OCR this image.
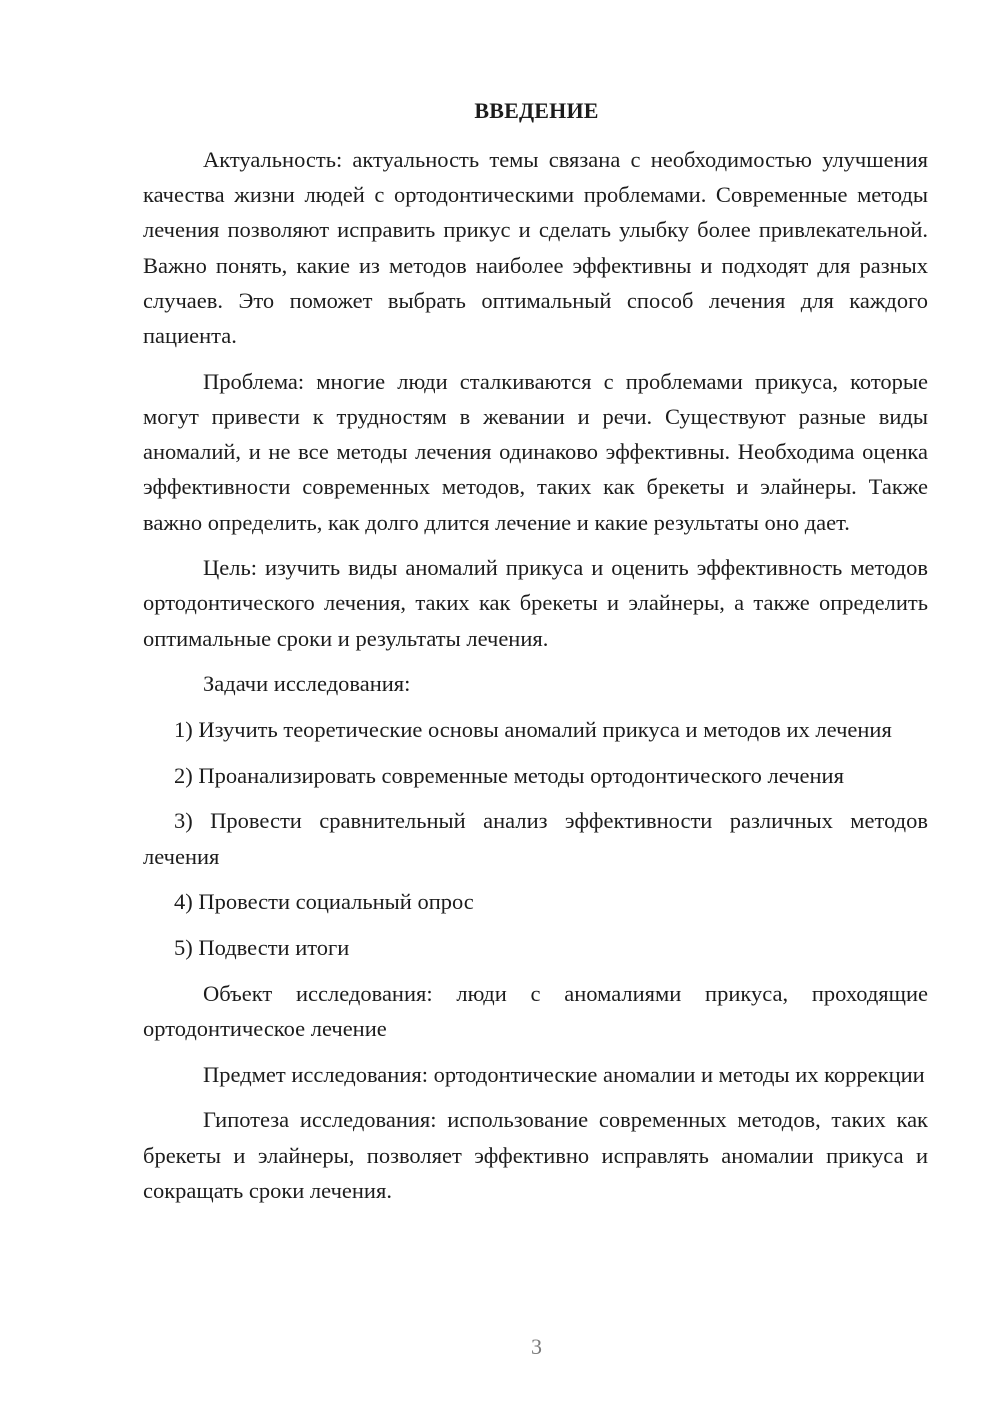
ВВЕДЕНИЕ

Актуальность: актуальность темы связана с необходимостью улучшения качества жизни людей с ортодонтическими проблемами. Современные методы лечения позволяют исправить прикус и сделать улыбку более привлекательной. Важно понять, какие из методов наиболее эффективны и подходят для разных случаев. Это поможет выбрать оптимальный способ лечения для каждого пациента.

Проблема: многие люди сталкиваются с проблемами прикуса, которые могут привести к трудностям в жевании и речи. Существуют разные виды аномалий, и не все методы лечения одинаково эффективны. Необходима оценка эффективности современных методов, таких как брекеты и элайнеры. Также важно определить, как долго длится лечение и какие результаты оно дает.

Цель: изучить виды аномалий прикуса и оценить эффективность методов ортодонтического лечения, таких как брекеты и элайнеры, а также определить оптимальные сроки и результаты лечения.

Задачи исследования:

1) Изучить теоретические основы аномалий прикуса и методов их лечения

2) Проанализировать современные методы ортодонтического лечения

3) Провести сравнительный анализ эффективности различных методов лечения

4) Провести социальный опрос

5) Подвести итоги

Объект исследования: люди с аномалиями прикуса, проходящие ортодонтическое лечение

Предмет исследования: ортодонтические аномалии и методы их коррекции

Гипотеза исследования: использование современных методов, таких как брекеты и элайнеры, позволяет эффективно исправлять аномалии прикуса и сокращать сроки лечения.

3
